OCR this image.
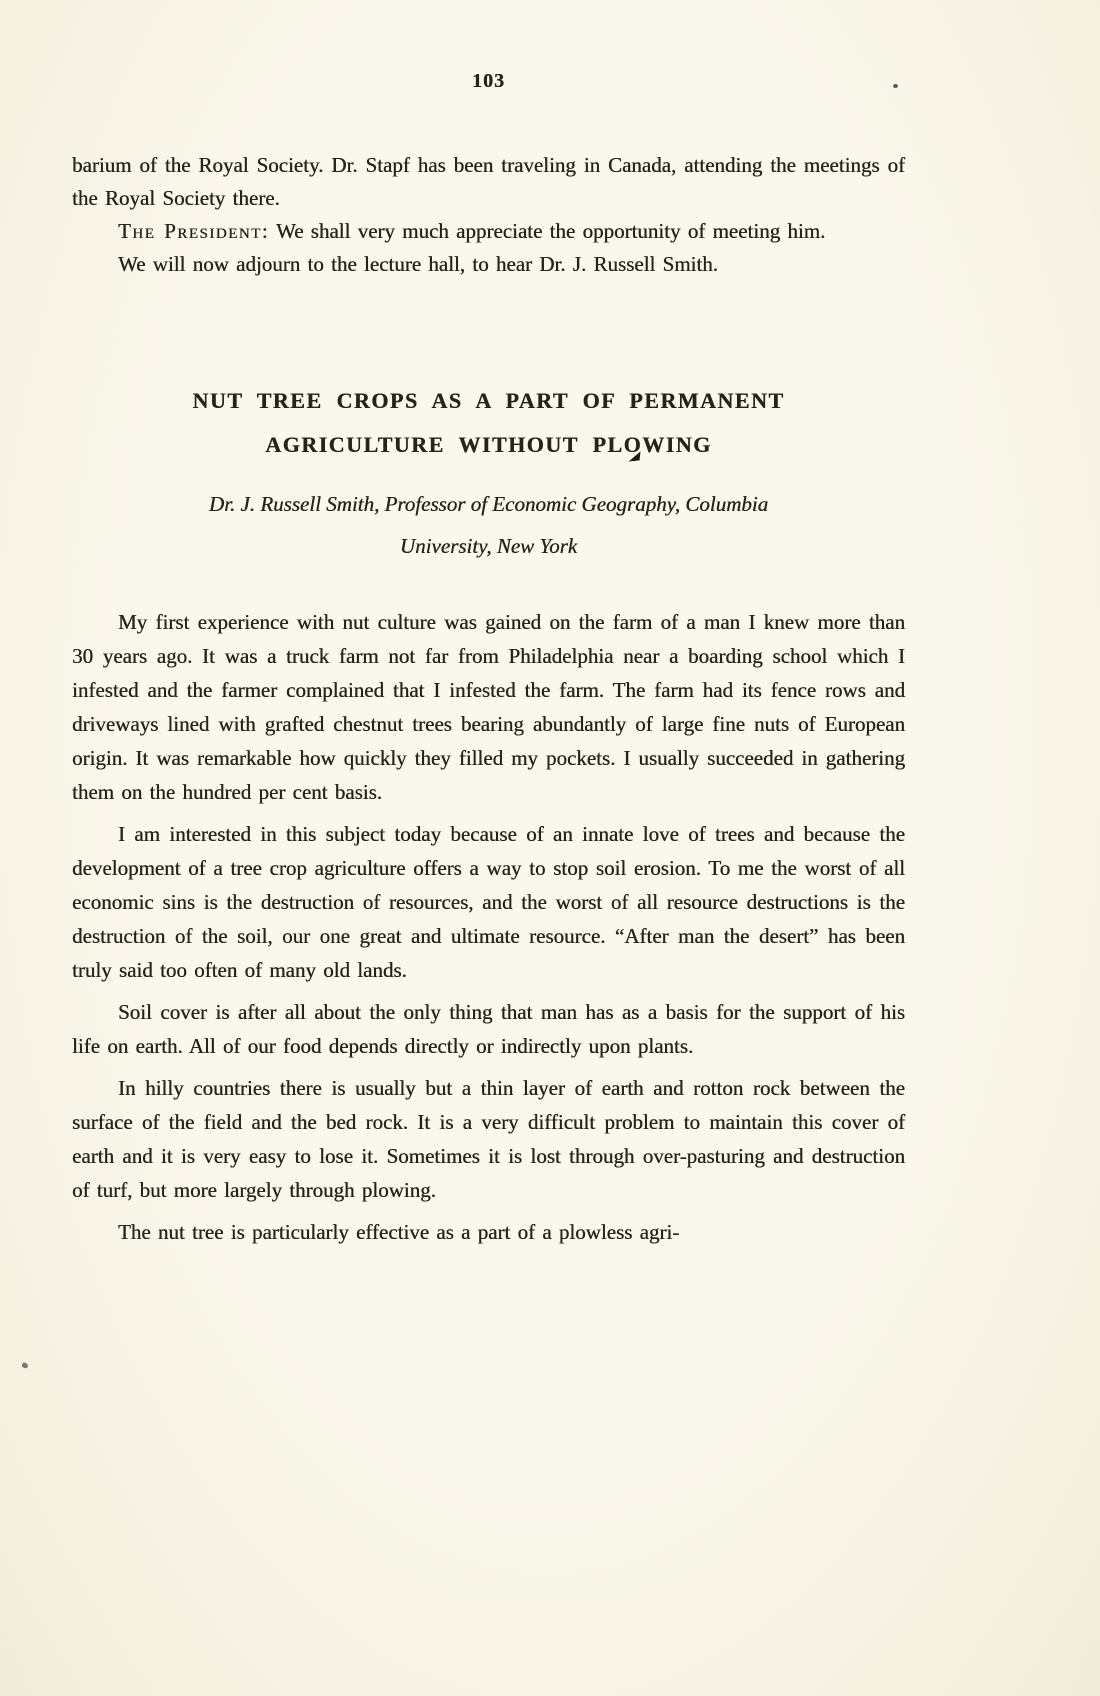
103

barium of the Royal Society. Dr. Stapf has been traveling in Canada, attending the meetings of the Royal Society there.

The President: We shall very much appreciate the opportunity of meeting him.

We will now adjourn to the lecture hall, to hear Dr. J. Russell Smith.

NUT TREE CROPS AS A PART OF PERMANENT
AGRICULTURE WITHOUT PLOWING
Dr. J. Russell Smith, Professor of Economic Geography, Columbia
University, New York

My first experience with nut culture was gained on the farm of a man I knew more than 30 years ago. It was a truck farm not far from Philadelphia near a boarding school which I infested and the farmer complained that I infested the farm. The farm had its fence rows and driveways lined with grafted chestnut trees bearing abundantly of large fine nuts of European origin. It was remarkable how quickly they filled my pockets. I usually succeeded in gathering them on the hundred per cent basis.

I am interested in this subject today because of an innate love of trees and because the development of a tree crop agriculture offers a way to stop soil erosion. To me the worst of all economic sins is the destruction of resources, and the worst of all resource destructions is the destruction of the soil, our one great and ultimate resource. “After man the desert” has been truly said too often of many old lands.

Soil cover is after all about the only thing that man has as a basis for the support of his life on earth. All of our food depends directly or indirectly upon plants.

In hilly countries there is usually but a thin layer of earth and rotton rock between the surface of the field and the bed rock. It is a very difficult problem to maintain this cover of earth and it is very easy to lose it. Sometimes it is lost through over-pasturing and destruction of turf, but more largely through plowing.

The nut tree is particularly effective as a part of a plowless agri-
